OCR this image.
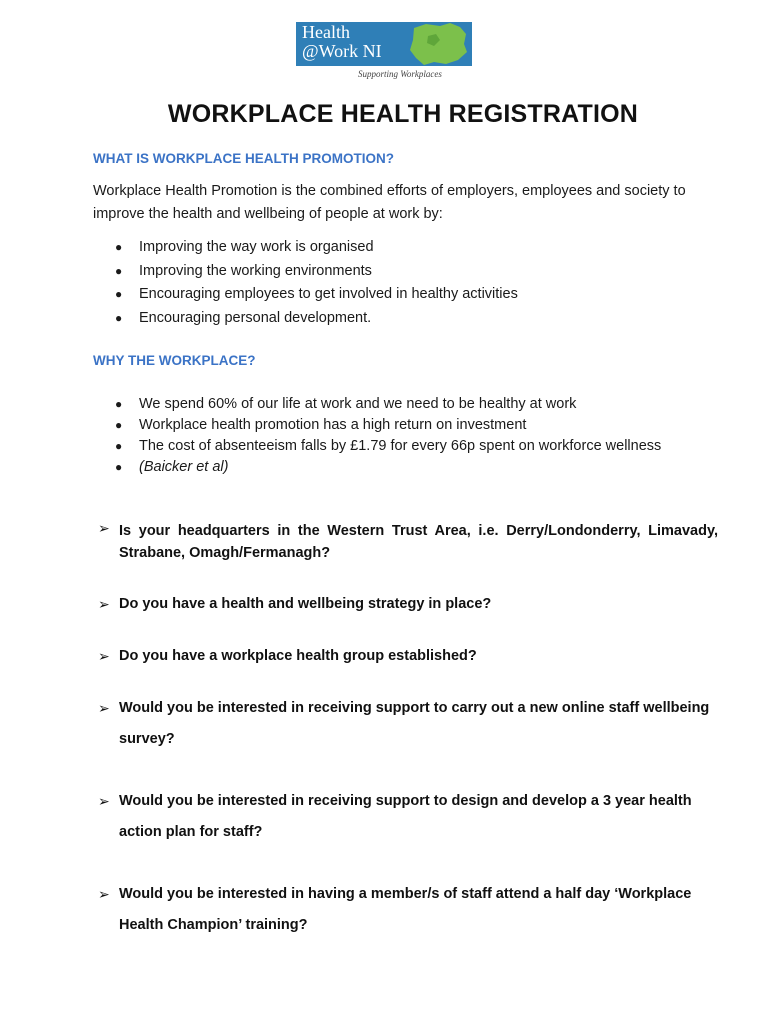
Health
@Work NI
Supporting Workplaces
WORKPLACE HEALTH REGISTRATION
WHAT IS WORKPLACE HEALTH PROMOTION?
Workplace Health Promotion is the combined efforts of employers, employees and society to improve the health and wellbeing of people at work by:
● Improving the way work is organised
● Improving the working environments
● Encouraging employees to get involved in healthy activities
● Encouraging personal development.
WHY THE WORKPLACE?
● We spend 60% of our life at work and we need to be healthy at work
● Workplace health promotion has a high return on investment
● The cost of absenteeism falls by £1.79 for every 66p spent on workforce wellness
● (Baicker et al)
➢ Is your headquarters in the Western Trust Area, i.e. Derry/Londonderry, Limavady, Strabane, Omagh/Fermanagh?
➢ Do you have a health and wellbeing strategy in place?
➢ Do you have a workplace health group established?
➢ Would you be interested in receiving support to carry out a new online staff wellbeing survey?
➢ Would you be interested in receiving support to design and develop a 3 year health action plan for staff?
➢ Would you be interested in having a member/s of staff attend a half day ‘Workplace Health Champion’ training?
